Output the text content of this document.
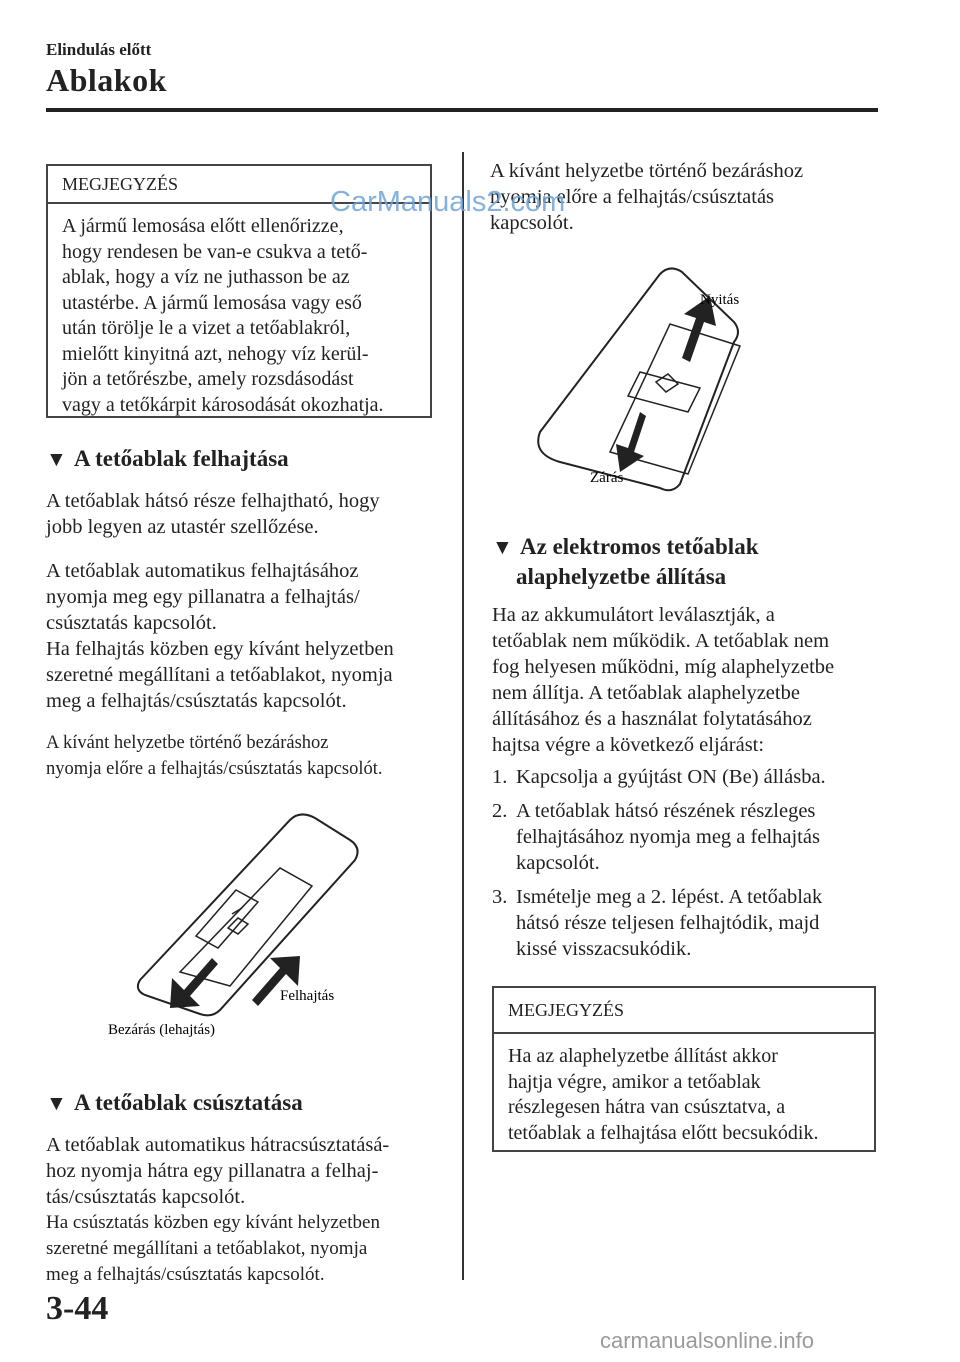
Elindulás előtt
Ablakok
MEGJEGYZÉS
A jármű lemosása előtt ellenőrizze,
hogy rendesen be van-e csukva a tető-
ablak, hogy a víz ne juthasson be az
utastérbe. A jármű lemosása vagy eső
után törölje le a vizet a tetőablakról,
mielőtt kinyitná azt, nehogy víz kerül-
jön a tetőrészbe, amely rozsdásodást
vagy a tetőkárpit károsodását okozhatja.
▼ A tetőablak felhajtása

A tetőablak hátsó része felhajtható, hogy

jobb legyen az utastér szellőzése.

A tetőablak automatikus felhajtásához

nyomja meg egy pillanatra a felhajtás/

csúsztatás kapcsolót.

Ha felhajtás közben egy kívánt helyzetben

szeretné megállítani a tetőablakot, nyomja

meg a felhajtás/csúsztatás kapcsolót.

A kívánt helyzetbe történő bezáráshoz

nyomja előre a felhajtás/csúsztatás kapcsolót.

Felhajtás
Bezárás (lehajtás)
▼ A tetőablak csúsztatása

A tetőablak automatikus hátracsúsztatásá-

hoz nyomja hátra egy pillanatra a felhaj-

tás/csúsztatás kapcsolót.

Ha csúsztatás közben egy kívánt helyzetben

szeretné megállítani a tetőablakot, nyomja

meg a felhajtás/csúsztatás kapcsolót.

A kívánt helyzetbe történő bezáráshoz

nyomja előre a felhajtás/csúsztatás

kapcsolót.

Nyitás
Zárás
▼ Az elektromos tetőablak
alaphelyzetbe állítása

Ha az akkumulátort leválasztják, a

tetőablak nem működik. A tetőablak nem

fog helyesen működni, míg alaphelyzetbe

nem állítja. A tetőablak alaphelyzetbe

állításához és a használat folytatásához

hajtsa végre a következő eljárást:

1. Kapcsolja a gyújtást ON (Be) állásba.
2. A tetőablak hátsó részének részleges
felhajtásához nyomja meg a felhajtás
kapcsolót.
3. Ismételje meg a 2. lépést. A tetőablak
hátsó része teljesen felhajtódik, majd
kissé visszacsukódik.
MEGJEGYZÉS
Ha az alaphelyzetbe állítást akkor
hajtja végre, amikor a tetőablak
részlegesen hátra van csúsztatva, a
tetőablak a felhajtása előtt becsukódik.
3-44
CarManuals2.com
carmanualsonline.info
